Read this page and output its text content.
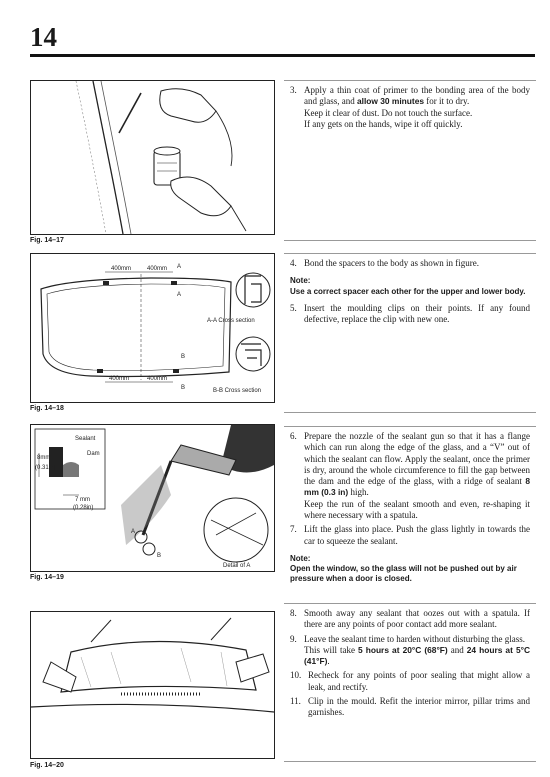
14
Fig. 14–17
400mm	400mm
400mm	400mm
A
A
B
B
A-A Cross section
B-B Cross section
Fig. 14–18
Sealant
Dam
8mm
(0.31in)
7 mm
(0.28in)
A
B
Detail of A
Fig. 14–19
Fig. 14–20
3. Apply a thin coat of primer to the bonding area of the body and glass, and allow 30 minutes for it to dry.

Keep it clear of dust. Do not touch the surface.

If any gets on the hands, wipe it off quickly.

4. Bond the spacers to the body as shown in figure.
Note:
Use a correct spacer each other for the upper and lower body.
5. Insert the moulding clips on their points. If any found defective, replace the clip with new one.
6. Prepare the nozzle of the sealant gun so that it has a flange which can run along the edge of the glass, and a “V” out of which the sealant can flow. Apply the sealant, once the primer is dry, around the whole circumference to fill the gap between the dam and the edge of the glass, with a ridge of sealant 8 mm (0.3 in) high.

Keep the run of the sealant smooth and even, re-shaping it where necessary with a spatula.

7. Lift the glass into place. Push the glass lightly in towards the car to squeeze the sealant.
Note:
Open the window, so the glass will not be pushed out by air pressure when a door is closed.
8. Smooth away any sealant that oozes out with a spatula. If there are any points of poor contact add more sealant.
9. Leave the sealant time to harden without disturbing the glass.

This will take 5 hours at 20°C (68°F) and 24 hours at 5°C (41°F).

10. Recheck for any points of poor sealing that might allow a leak, and rectify.
11. Clip in the mould. Refit the interior mirror, pillar trims and garnishes.
